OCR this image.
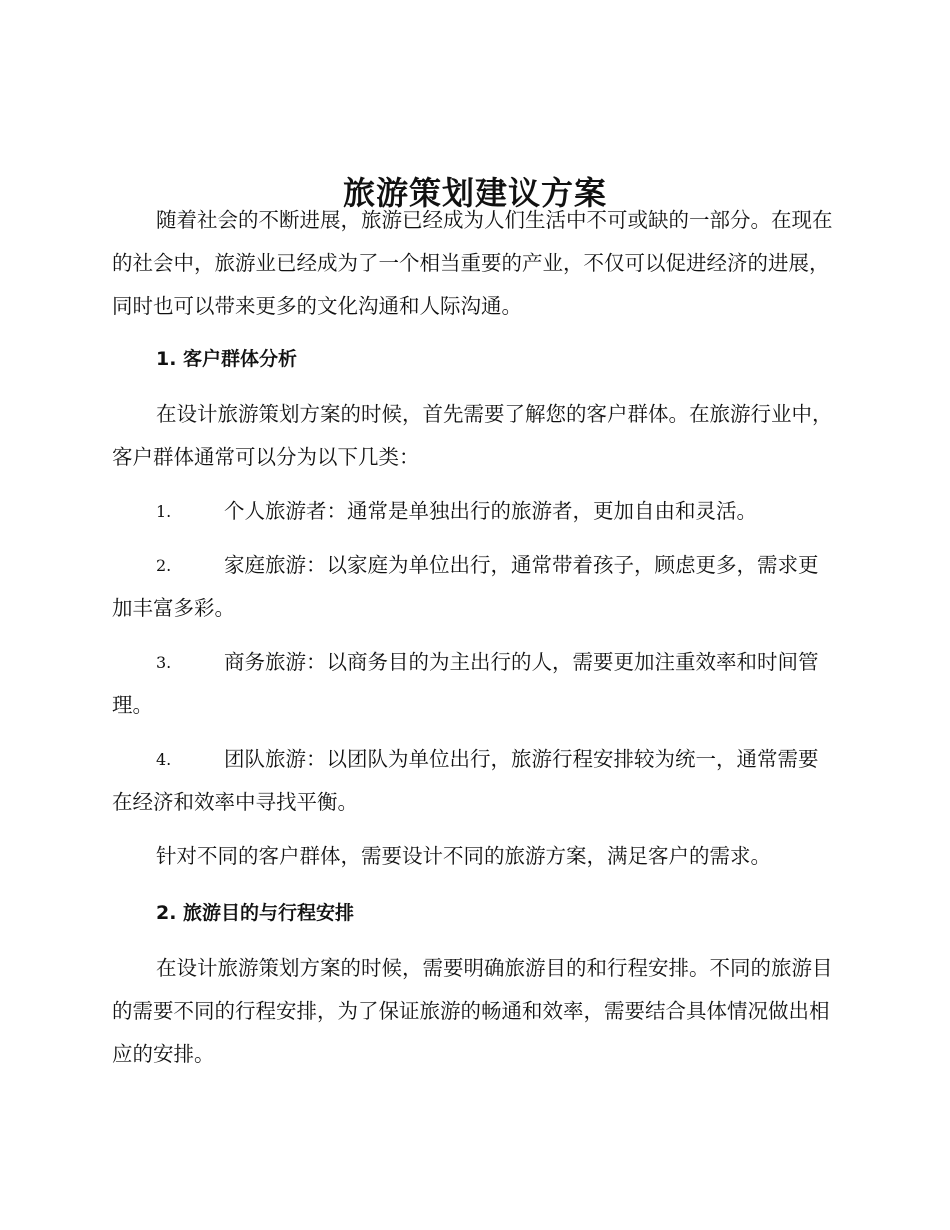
旅游策划建议方案

随着社会的不断进展，旅游已经成为人们生活中不可或缺的一部分。在现在的社会中，旅游业已经成为了一个相当重要的产业，不仅可以促进经济的进展，同时也可以带来更多的文化沟通和人际沟通。

1. 客户群体分析

在设计旅游策划方案的时候，首先需要了解您的客户群体。在旅游行业中，客户群体通常可以分为以下几类：

1.	个人旅游者：通常是单独出行的旅游者，更加自由和灵活。
2.	家庭旅游：以家庭为单位出行，通常带着孩子，顾虑更多，需求更加丰富多彩。
3.	商务旅游：以商务目的为主出行的人，需要更加注重效率和时间管理。
4.	团队旅游：以团队为单位出行，旅游行程安排较为统一，通常需要在经济和效率中寻找平衡。

针对不同的客户群体，需要设计不同的旅游方案，满足客户的需求。

2. 旅游目的与行程安排

在设计旅游策划方案的时候，需要明确旅游目的和行程安排。不同的旅游目的需要不同的行程安排，为了保证旅游的畅通和效率，需要结合具体情况做出相应的安排。
